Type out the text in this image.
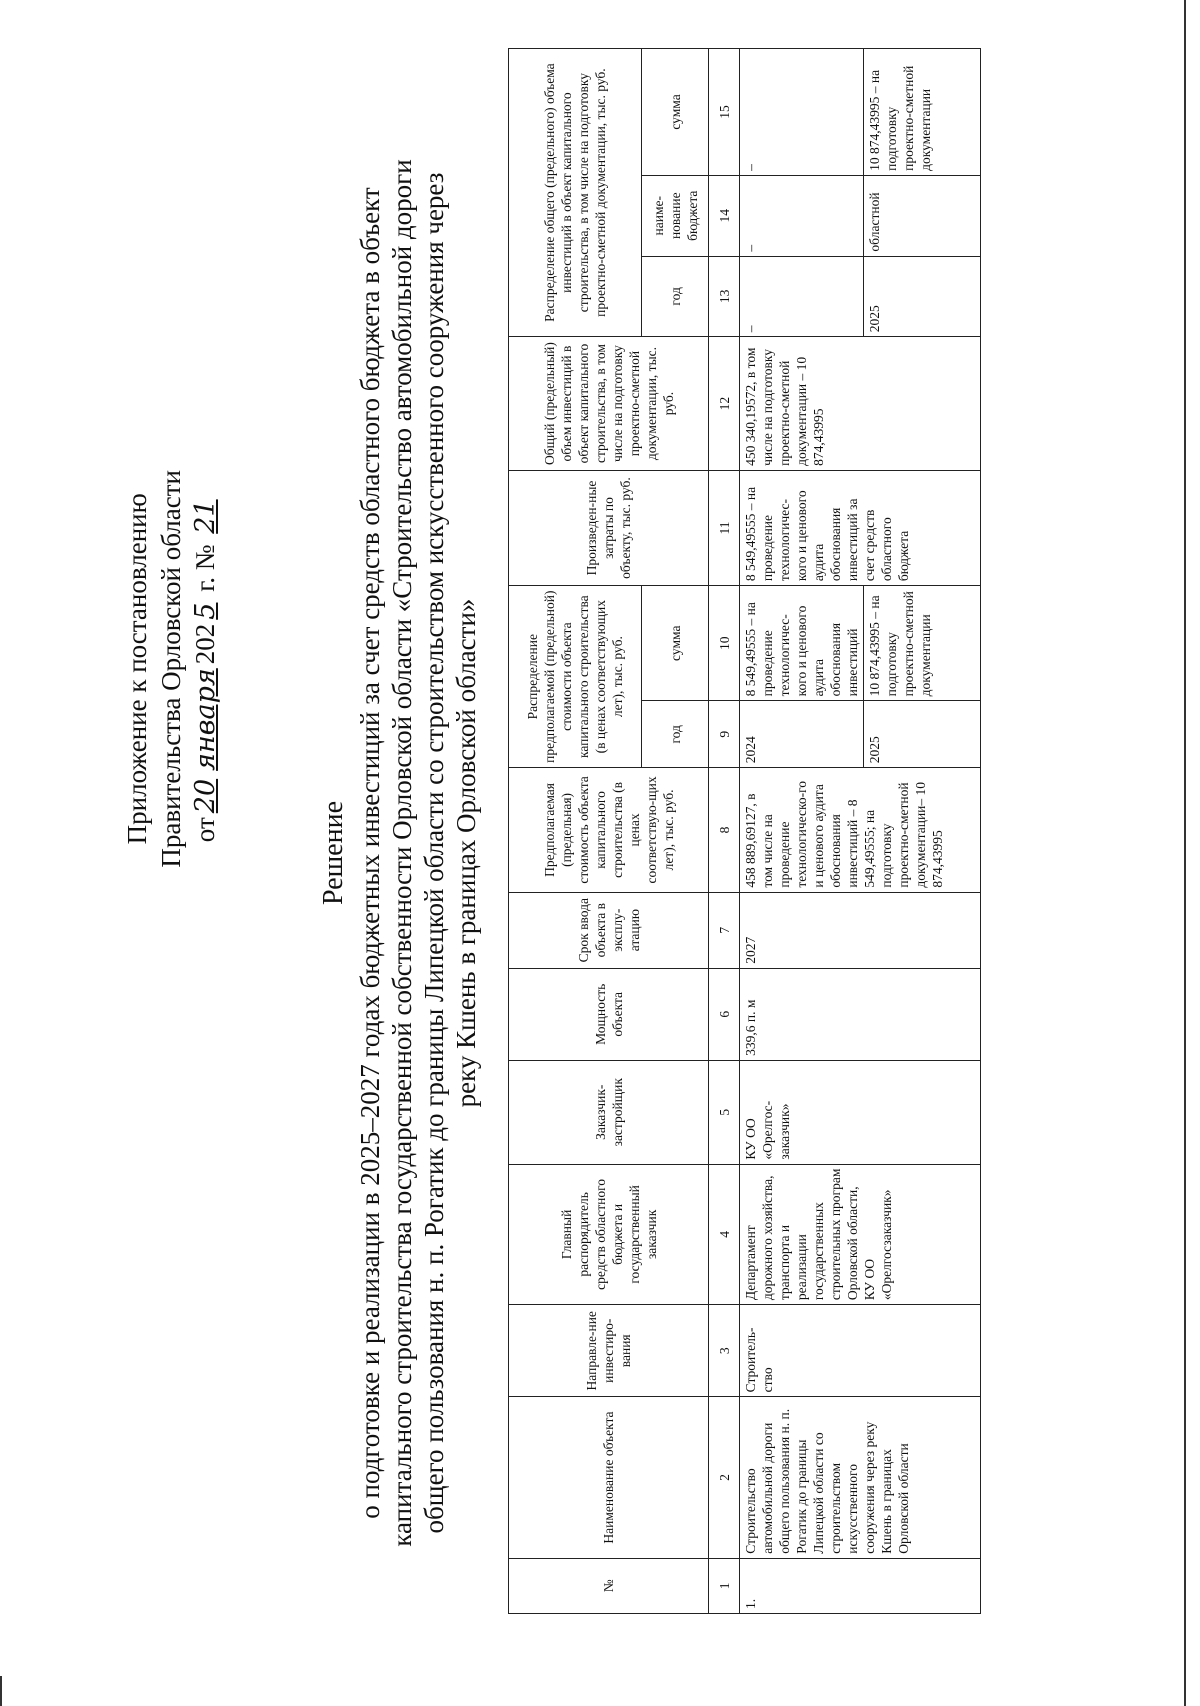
Приложение к постановлению Правительства Орловской области от20января2025 г. № 21
Решение о подготовке и реализации в 2025–2027 годах бюджетных инвестиций за счет средств областного бюджета в объект капитального строительства государственной собственности Орловской области «Строительство автомобильной дороги общего пользования н. п. Рогатик до границы Липецкой области со строительством искусственного сооружения через реку Кшень в границах Орловской области»
№	Наименование объекта	Направле-ние инвестиро-вания	Главный распорядитель средств областного бюджета и государственный заказчик	Заказчик-застройщик	Мощность объекта	Срок ввода объекта в эксплу-атацию	Предполагаемая (предельная) стоимость объекта капитального строительства (в ценах соответствую-щих лет), тыс. руб.	Распределение предполагаемой (предельной) стоимости объекта капитального строительства (в ценах соответствующих лет), тыс. руб.		Произведен-ные затраты по объекту, тыс. руб.	Общий (предельный) объем инвестиций в объект капитального строительства, в том числе на подготовку проектно-сметной документации, тыс. руб.	Распределение общего (предельного) объема инвестиций в объект капитального строительства, в том числе на подготовку проектно-сметной документации, тыс. руб.		
								год	сумма			год	наиме-нование бюджета	сумма
1	2	3	4	5	6	7	8	9	10	11	12	13	14	15
1.	Строительство автомобильной дороги общего пользования н. п. Рогатик до границы Липецкой области со строительством искусственного сооружения через реку Кшень в границах Орловской области	Строитель-ство	Департамент дорожного хозяйства, транспорта и реализации государственных строительных програм Орловской области, КУ ОО «Орелгосзаказчик»	КУ ОО «Орелгос-заказчик»	339,6 п. м	2027	458 889,69127, в том числе на проведение технологическо-го и ценового аудита обоснования инвестиций – 8 549,49555; на подготовку проектно-сметной документации– 10 874,43995	2024	8 549,49555 – на проведение технологичес-кого и ценового аудита обоснования инвестиций	8 549,49555 – на проведение технологичес-кого и ценового аудита обоснования инвестиций за счет средств областного бюджета	450 340,19572, в том числе на подготовку проектно-сметной документации – 10 874,43995	–	–	–
								2025	10 874,43995 – на подготовку проектно-сметной документации			2025	областной	10 874,43995 – на подготовку проектно-сметной документации
